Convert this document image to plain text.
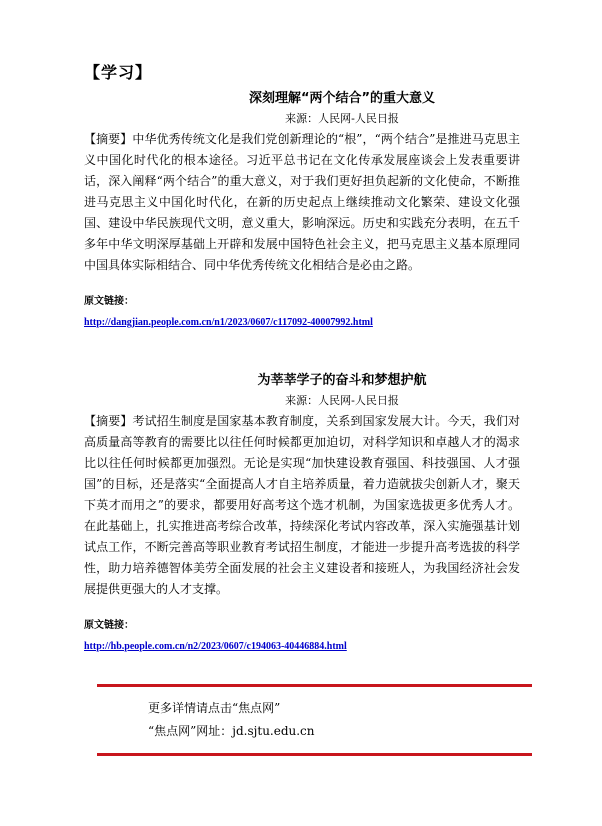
【学习】
深刻理解“两个结合”的重大意义
来源：人民网-人民日报

【摘要】中华优秀传统文化是我们党创新理论的“根”，“两个结合”是推进马克思主义中国化时代化的根本途径。习近平总书记在文化传承发展座谈会上发表重要讲话，深入阐释“两个结合”的重大意义，对于我们更好担负起新的文化使命，不断推进马克思主义中国化时代化，在新的历史起点上继续推动文化繁荣、建设文化强国、建设中华民族现代文明，意义重大，影响深远。历史和实践充分表明，在五千多年中华文明深厚基础上开辟和发展中国特色社会主义，把马克思主义基本原理同中国具体实际相结合、同中华优秀传统文化相结合是必由之路。

原文链接：
http://dangjian.people.com.cn/n1/2023/0607/c117092-40007992.html
为莘莘学子的奋斗和梦想护航
来源：人民网-人民日报

【摘要】考试招生制度是国家基本教育制度，关系到国家发展大计。今天，我们对高质量高等教育的需要比以往任何时候都更加迫切，对科学知识和卓越人才的渴求比以往任何时候都更加强烈。无论是实现“加快建设教育强国、科技强国、人才强国”的目标，还是落实“全面提高人才自主培养质量，着力造就拔尖创新人才，聚天下英才而用之”的要求，都要用好高考这个选才机制，为国家选拔更多优秀人才。在此基础上，扎实推进高考综合改革，持续深化考试内容改革，深入实施强基计划试点工作，不断完善高等职业教育考试招生制度，才能进一步提升高考选拔的科学性，助力培养德智体美劳全面发展的社会主义建设者和接班人，为我国经济社会发展提供更强大的人才支撑。

原文链接：
http://hb.people.com.cn/n2/2023/0607/c194063-40446884.html
更多详情请点击“焦点网”
“焦点网”网址：jd.sjtu.edu.cn
